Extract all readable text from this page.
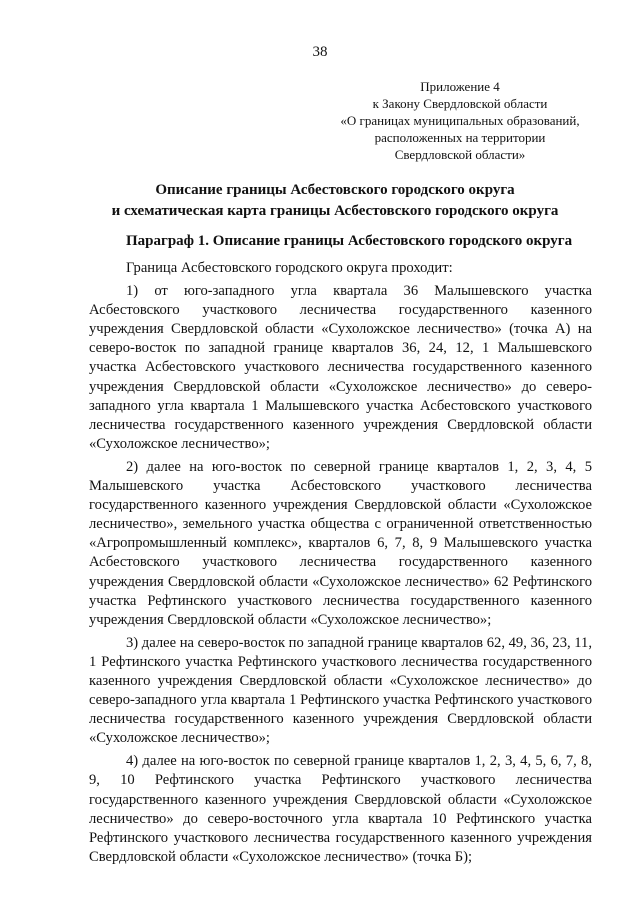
38
Приложение 4
к Закону Свердловской области
«О границах муниципальных образований,
расположенных на территории
Свердловской области»
Описание границы Асбестовского городского округа
и схематическая карта границы Асбестовского городского округа
Параграф 1. Описание границы Асбестовского городского округа

Граница Асбестовского городского округа проходит:

1) от юго-западного угла квартала 36 Малышевского участка Асбестовского участкового лесничества государственного казенного учреждения Свердловской области «Сухоложское лесничество» (точка А) на северо-восток по западной границе кварталов 36, 24, 12, 1 Малышевского участка Асбестовского участкового лесничества государственного казенного учреждения Свердловской области «Сухоложское лесничество» до северо-западного угла квартала 1 Малышевского участка Асбестовского участкового лесничества государственного казенного учреждения Свердловской области «Сухоложское лесничество»;

2) далее на юго-восток по северной границе кварталов 1, 2, 3, 4, 5 Малышевского участка Асбестовского участкового лесничества государственного казенного учреждения Свердловской области «Сухоложское лесничество», земельного участка общества с ограниченной ответственностью «Агропромышленный комплекс», кварталов 6, 7, 8, 9 Малышевского участка Асбестовского участкового лесничества государственного казенного учреждения Свердловской области «Сухоложское лесничество» 62 Рефтинского участка Рефтинского участкового лесничества государственного казенного учреждения Свердловской области «Сухоложское лесничество»;

3) далее на северо-восток по западной границе кварталов 62, 49, 36, 23, 11, 1 Рефтинского участка Рефтинского участкового лесничества государственного казенного учреждения Свердловской области «Сухоложское лесничество» до северо-западного угла квартала 1 Рефтинского участка Рефтинского участкового лесничества государственного казенного учреждения Свердловской области «Сухоложское лесничество»;

4) далее на юго-восток по северной границе кварталов 1, 2, 3, 4, 5, 6, 7, 8, 9, 10 Рефтинского участка Рефтинского участкового лесничества государственного казенного учреждения Свердловской области «Сухоложское лесничество» до северо-восточного угла квартала 10 Рефтинского участка Рефтинского участкового лесничества государственного казенного учреждения Свердловской области «Сухоложское лесничество» (точка Б);
